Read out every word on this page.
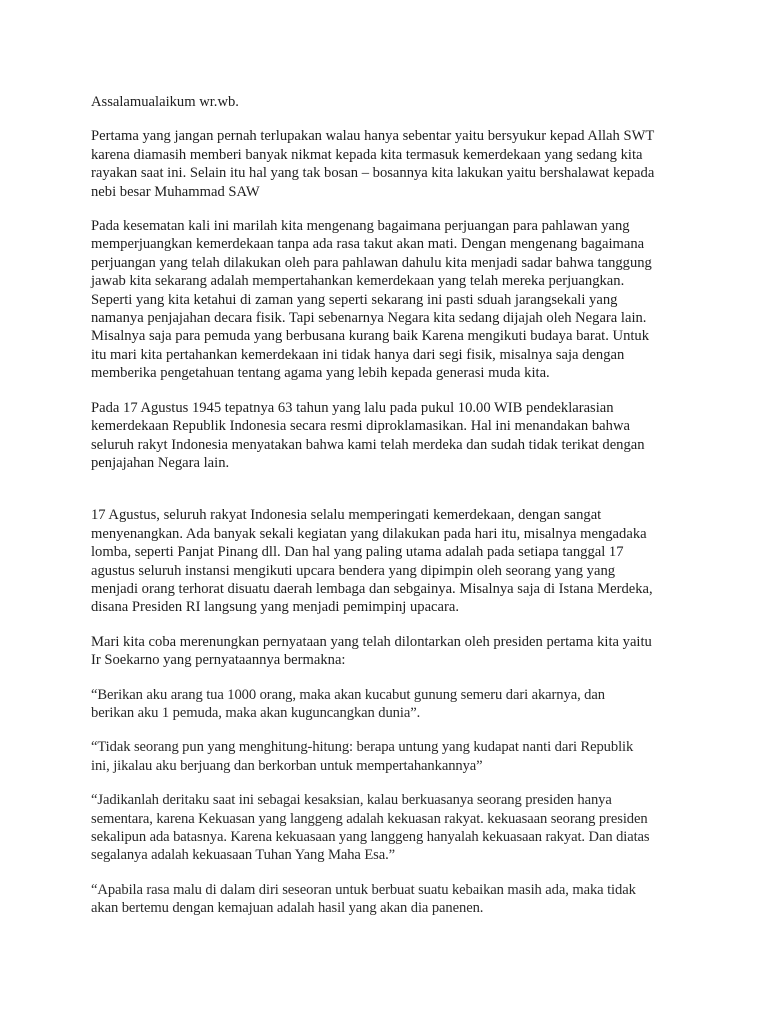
Assalamualaikum wr.wb.

Pertama yang jangan pernah terlupakan walau hanya sebentar yaitu bersyukur kepad Allah SWT
karena diamasih memberi banyak nikmat kepada kita termasuk kemerdekaan yang sedang kita
rayakan saat ini. Selain itu hal yang tak bosan – bosannya kita lakukan yaitu bershalawat kepada
nebi besar Muhammad SAW

Pada kesematan kali ini marilah kita mengenang bagaimana perjuangan para pahlawan yang
memperjuangkan kemerdekaan tanpa ada rasa takut akan mati. Dengan mengenang bagaimana
perjuangan yang telah dilakukan oleh para pahlawan dahulu kita menjadi sadar bahwa tanggung
jawab kita sekarang adalah mempertahankan kemerdekaan yang telah mereka perjuangkan.
Seperti yang kita ketahui di zaman yang seperti sekarang ini pasti sduah jarangsekali yang
namanya penjajahan decara fisik. Tapi sebenarnya Negara kita sedang dijajah oleh Negara lain.
Misalnya saja para pemuda yang berbusana kurang baik Karena mengikuti budaya barat. Untuk
itu mari kita pertahankan kemerdekaan ini tidak hanya dari segi fisik, misalnya saja dengan
memberika pengetahuan tentang agama yang lebih kepada generasi muda kita.

Pada 17 Agustus 1945 tepatnya 63 tahun yang lalu pada pukul 10.00 WIB pendeklarasian
kemerdekaan Republik Indonesia secara resmi diproklamasikan. Hal ini menandakan bahwa
seluruh rakyt Indonesia menyatakan bahwa kami telah merdeka dan sudah tidak terikat dengan
penjajahan Negara lain.

17 Agustus, seluruh rakyat Indonesia selalu memperingati kemerdekaan, dengan sangat
menyenangkan. Ada banyak sekali kegiatan yang dilakukan pada hari itu, misalnya mengadaka
lomba, seperti Panjat Pinang dll. Dan hal yang paling utama adalah pada setiapa tanggal 17
agustus seluruh instansi mengikuti upcara bendera yang dipimpin oleh seorang yang yang
menjadi orang terhorat disuatu daerah lembaga dan sebgainya. Misalnya saja di Istana Merdeka,
disana Presiden RI langsung yang menjadi pemimpinj upacara.

Mari kita coba merenungkan pernyataan yang telah dilontarkan oleh presiden pertama kita yaitu
Ir Soekarno yang pernyataannya bermakna:

“Berikan aku arang tua 1000 orang, maka akan kucabut gunung semeru dari akarnya, dan
berikan aku 1 pemuda, maka akan kuguncangkan dunia”.

“Tidak seorang pun yang menghitung-hitung: berapa untung yang kudapat nanti dari Republik
ini, jikalau aku berjuang dan berkorban untuk mempertahankannya”

“Jadikanlah deritaku saat ini sebagai kesaksian, kalau berkuasanya seorang presiden hanya
sementara, karena Kekuasan yang langgeng adalah kekuasan rakyat. kekuasaan seorang presiden
sekalipun ada batasnya. Karena kekuasaan yang langgeng hanyalah kekuasaan rakyat. Dan diatas
segalanya adalah kekuasaan Tuhan Yang Maha Esa.”

“Apabila rasa malu di dalam diri seseoran untuk berbuat suatu kebaikan masih ada, maka tidak
akan bertemu dengan kemajuan adalah hasil yang akan dia panenen.
